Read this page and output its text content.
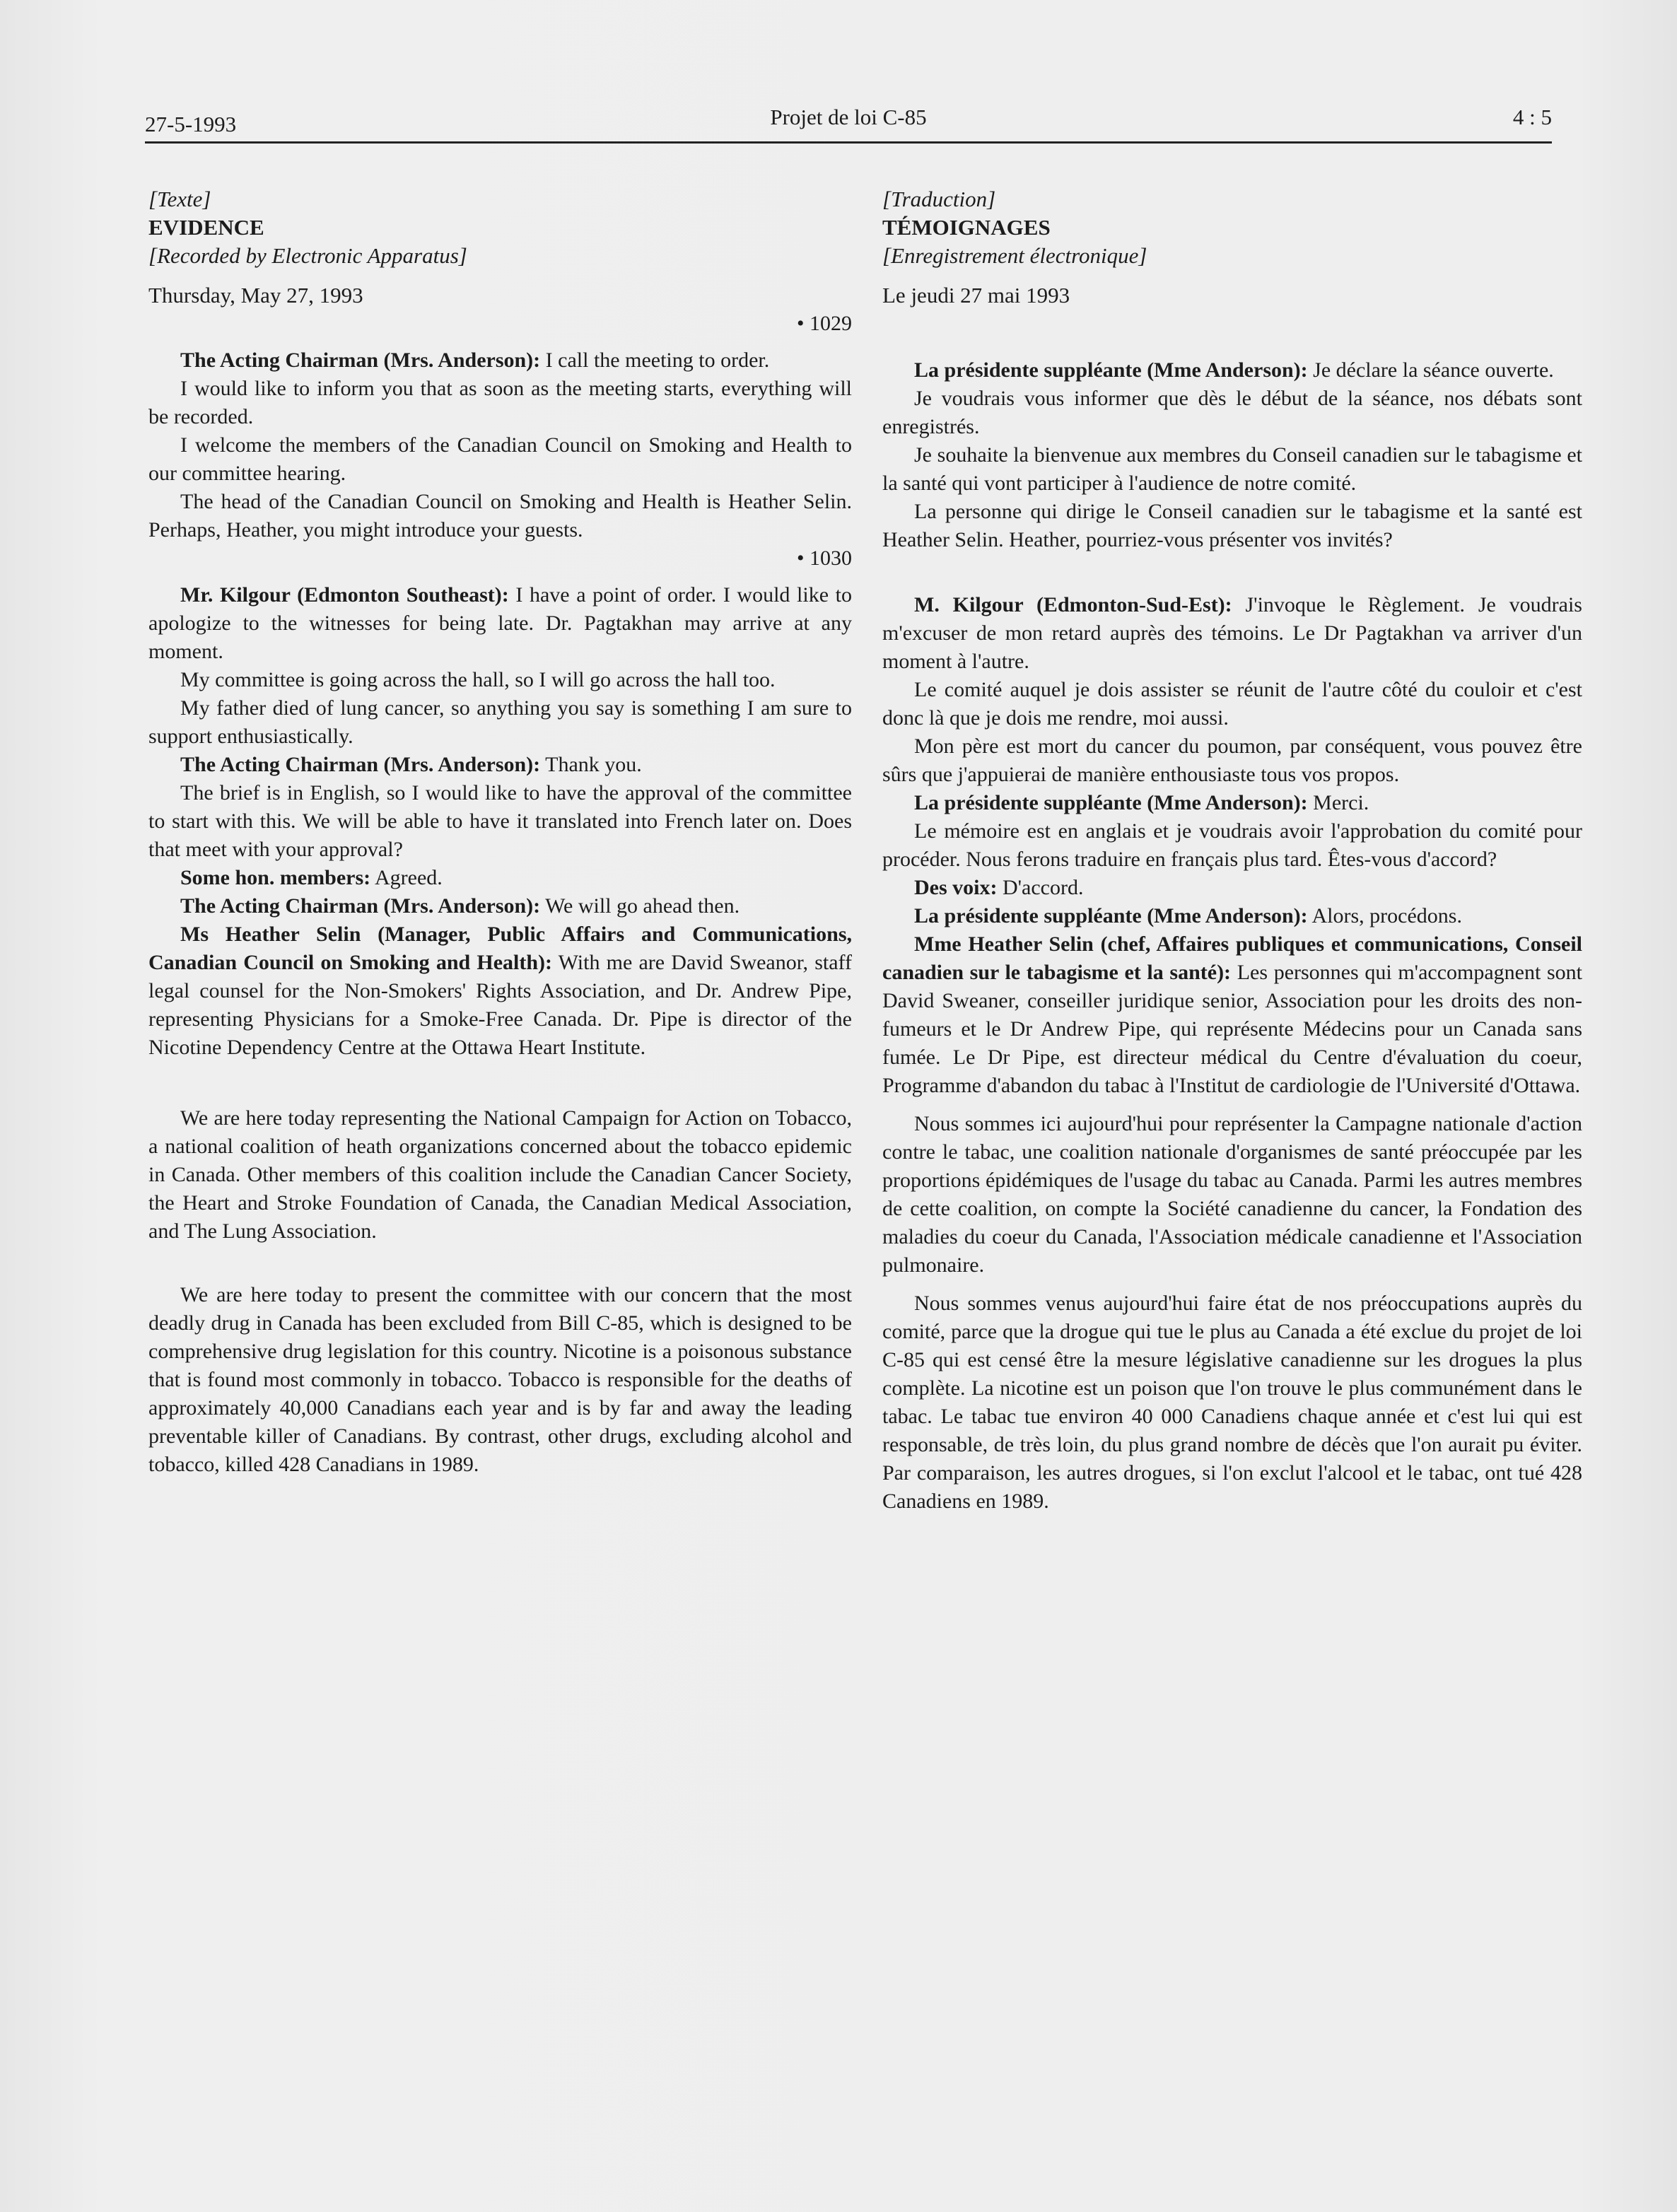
27-5-1993	Projet de loi C-85	4 : 5
[Texte]
EVIDENCE
[Recorded by Electronic Apparatus]
Thursday, May 27, 1993
• 1029

The Acting Chairman (Mrs. Anderson): I call the meeting to order.

I would like to inform you that as soon as the meeting starts, everything will be recorded.

I welcome the members of the Canadian Council on Smoking and Health to our committee hearing.

The head of the Canadian Council on Smoking and Health is Heather Selin. Perhaps, Heather, you might introduce your guests.

• 1030

Mr. Kilgour (Edmonton Southeast): I have a point of order. I would like to apologize to the witnesses for being late. Dr. Pagtakhan may arrive at any moment.

My committee is going across the hall, so I will go across the hall too.

My father died of lung cancer, so anything you say is something I am sure to support enthusiastically.

The Acting Chairman (Mrs. Anderson): Thank you.

The brief is in English, so I would like to have the approval of the committee to start with this. We will be able to have it translated into French later on. Does that meet with your approval?

Some hon. members: Agreed.

The Acting Chairman (Mrs. Anderson): We will go ahead then.

Ms Heather Selin (Manager, Public Affairs and Communications, Canadian Council on Smoking and Health): With me are David Sweanor, staff legal counsel for the Non-Smokers' Rights Association, and Dr. Andrew Pipe, representing Physicians for a Smoke-Free Canada. Dr. Pipe is director of the Nicotine Dependency Centre at the Ottawa Heart Institute.

We are here today representing the National Campaign for Action on Tobacco, a national coalition of heath organizations concerned about the tobacco epidemic in Canada. Other members of this coalition include the Canadian Cancer Society, the Heart and Stroke Foundation of Canada, the Canadian Medical Association, and The Lung Association.

We are here today to present the committee with our concern that the most deadly drug in Canada has been excluded from Bill C-85, which is designed to be comprehensive drug legislation for this country. Nicotine is a poisonous substance that is found most commonly in tobacco. Tobacco is responsible for the deaths of approximately 40,000 Canadians each year and is by far and away the leading preventable killer of Canadians. By contrast, other drugs, excluding alcohol and tobacco, killed 428 Canadians in 1989.

[Traduction]
TÉMOIGNAGES
[Enregistrement électronique]
Le jeudi 27 mai 1993

La présidente suppléante (Mme Anderson): Je déclare la séance ouverte.

Je voudrais vous informer que dès le début de la séance, nos débats sont enregistrés.

Je souhaite la bienvenue aux membres du Conseil canadien sur le tabagisme et la santé qui vont participer à l'audience de notre comité.

La personne qui dirige le Conseil canadien sur le tabagisme et la santé est Heather Selin. Heather, pourriez-vous présenter vos invités?

M. Kilgour (Edmonton-Sud-Est): J'invoque le Règlement. Je voudrais m'excuser de mon retard auprès des témoins. Le Dr Pagtakhan va arriver d'un moment à l'autre.

Le comité auquel je dois assister se réunit de l'autre côté du couloir et c'est donc là que je dois me rendre, moi aussi.

Mon père est mort du cancer du poumon, par conséquent, vous pouvez être sûrs que j'appuierai de manière enthousiaste tous vos propos.

La présidente suppléante (Mme Anderson): Merci.

Le mémoire est en anglais et je voudrais avoir l'approbation du comité pour procéder. Nous ferons traduire en français plus tard. Êtes-vous d'accord?

Des voix: D'accord.

La présidente suppléante (Mme Anderson): Alors, procédons.

Mme Heather Selin (chef, Affaires publiques et communications, Conseil canadien sur le tabagisme et la santé): Les personnes qui m'accompagnent sont David Sweaner, conseiller juridique senior, Association pour les droits des non-fumeurs et le Dr Andrew Pipe, qui représente Médecins pour un Canada sans fumée. Le Dr Pipe, est directeur médical du Centre d'évaluation du coeur, Programme d'abandon du tabac à l'Institut de cardiologie de l'Université d'Ottawa.

Nous sommes ici aujourd'hui pour représenter la Campagne nationale d'action contre le tabac, une coalition nationale d'organismes de santé préoccupée par les proportions épidémiques de l'usage du tabac au Canada. Parmi les autres membres de cette coalition, on compte la Société canadienne du cancer, la Fondation des maladies du coeur du Canada, l'Association médicale canadienne et l'Association pulmonaire.

Nous sommes venus aujourd'hui faire état de nos préoccupations auprès du comité, parce que la drogue qui tue le plus au Canada a été exclue du projet de loi C-85 qui est censé être la mesure législative canadienne sur les drogues la plus complète. La nicotine est un poison que l'on trouve le plus communément dans le tabac. Le tabac tue environ 40 000 Canadiens chaque année et c'est lui qui est responsable, de très loin, du plus grand nombre de décès que l'on aurait pu éviter. Par comparaison, les autres drogues, si l'on exclut l'alcool et le tabac, ont tué 428 Canadiens en 1989.
